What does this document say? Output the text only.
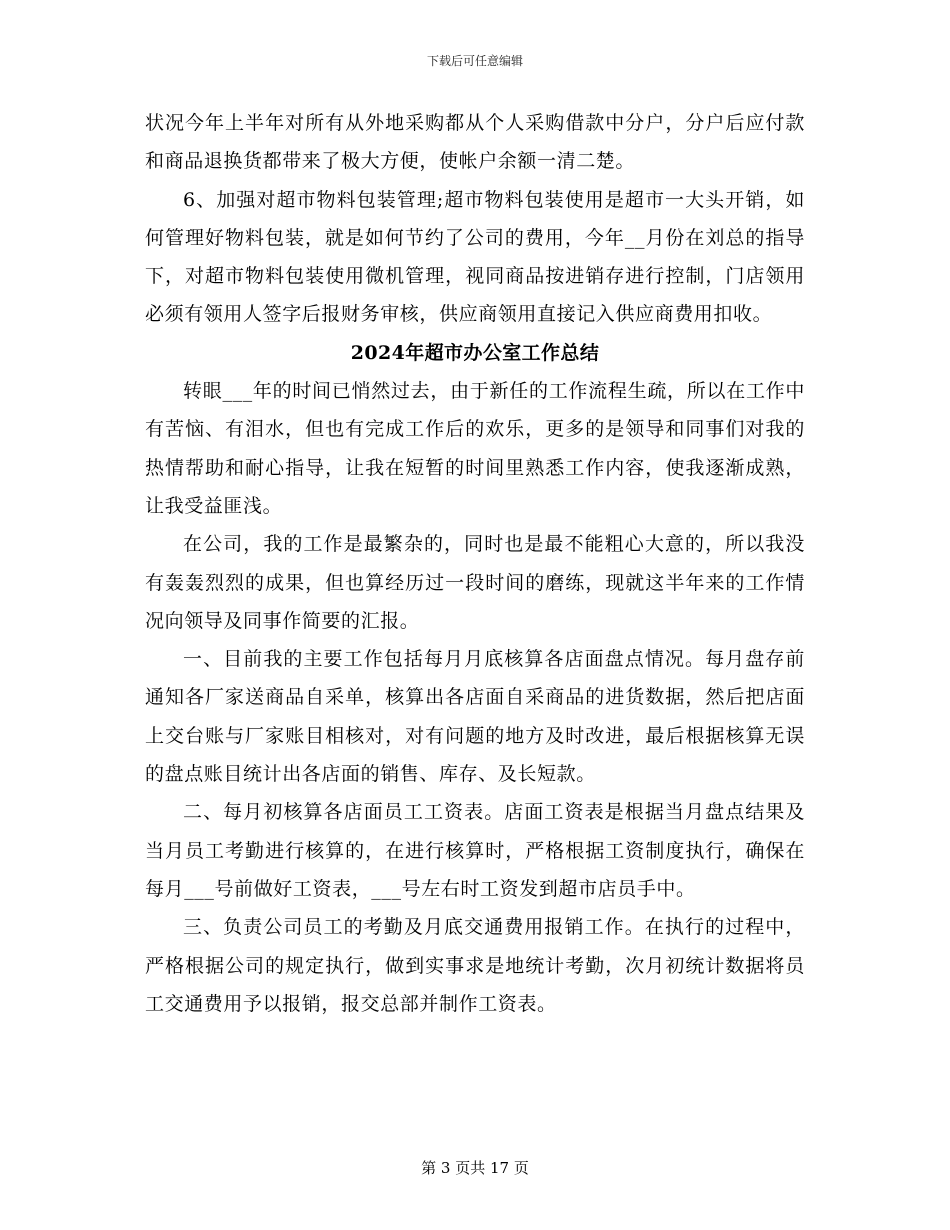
下载后可任意编辑

状况今年上半年对所有从外地采购都从个人采购借款中分户，分户后应付款和商品退换货都带来了极大方便，使帐户余额一清二楚。

6、加强对超市物料包装管理;超市物料包装使用是超市一大头开销，如何管理好物料包装，就是如何节约了公司的费用，今年__月份在刘总的指导下，对超市物料包装使用微机管理，视同商品按进销存进行控制，门店领用必须有领用人签字后报财务审核，供应商领用直接记入供应商费用扣收。

2024年超市办公室工作总结

转眼___年的时间已悄然过去，由于新任的工作流程生疏，所以在工作中有苦恼、有泪水，但也有完成工作后的欢乐，更多的是领导和同事们对我的热情帮助和耐心指导，让我在短暂的时间里熟悉工作内容，使我逐渐成熟，让我受益匪浅。

在公司，我的工作是最繁杂的，同时也是最不能粗心大意的，所以我没有轰轰烈烈的成果，但也算经历过一段时间的磨练，现就这半年来的工作情况向领导及同事作简要的汇报。

一、目前我的主要工作包括每月月底核算各店面盘点情况。每月盘存前通知各厂家送商品自采单，核算出各店面自采商品的进货数据，然后把店面上交台账与厂家账目相核对，对有问题的地方及时改进，最后根据核算无误的盘点账目统计出各店面的销售、库存、及长短款。

二、每月初核算各店面员工工资表。店面工资表是根据当月盘点结果及当月员工考勤进行核算的，在进行核算时，严格根据工资制度执行，确保在每月___号前做好工资表，___号左右时工资发到超市店员手中。

三、负责公司员工的考勤及月底交通费用报销工作。在执行的过程中，严格根据公司的规定执行，做到实事求是地统计考勤，次月初统计数据将员工交通费用予以报销，报交总部并制作工资表。

第 3 页共 17 页
